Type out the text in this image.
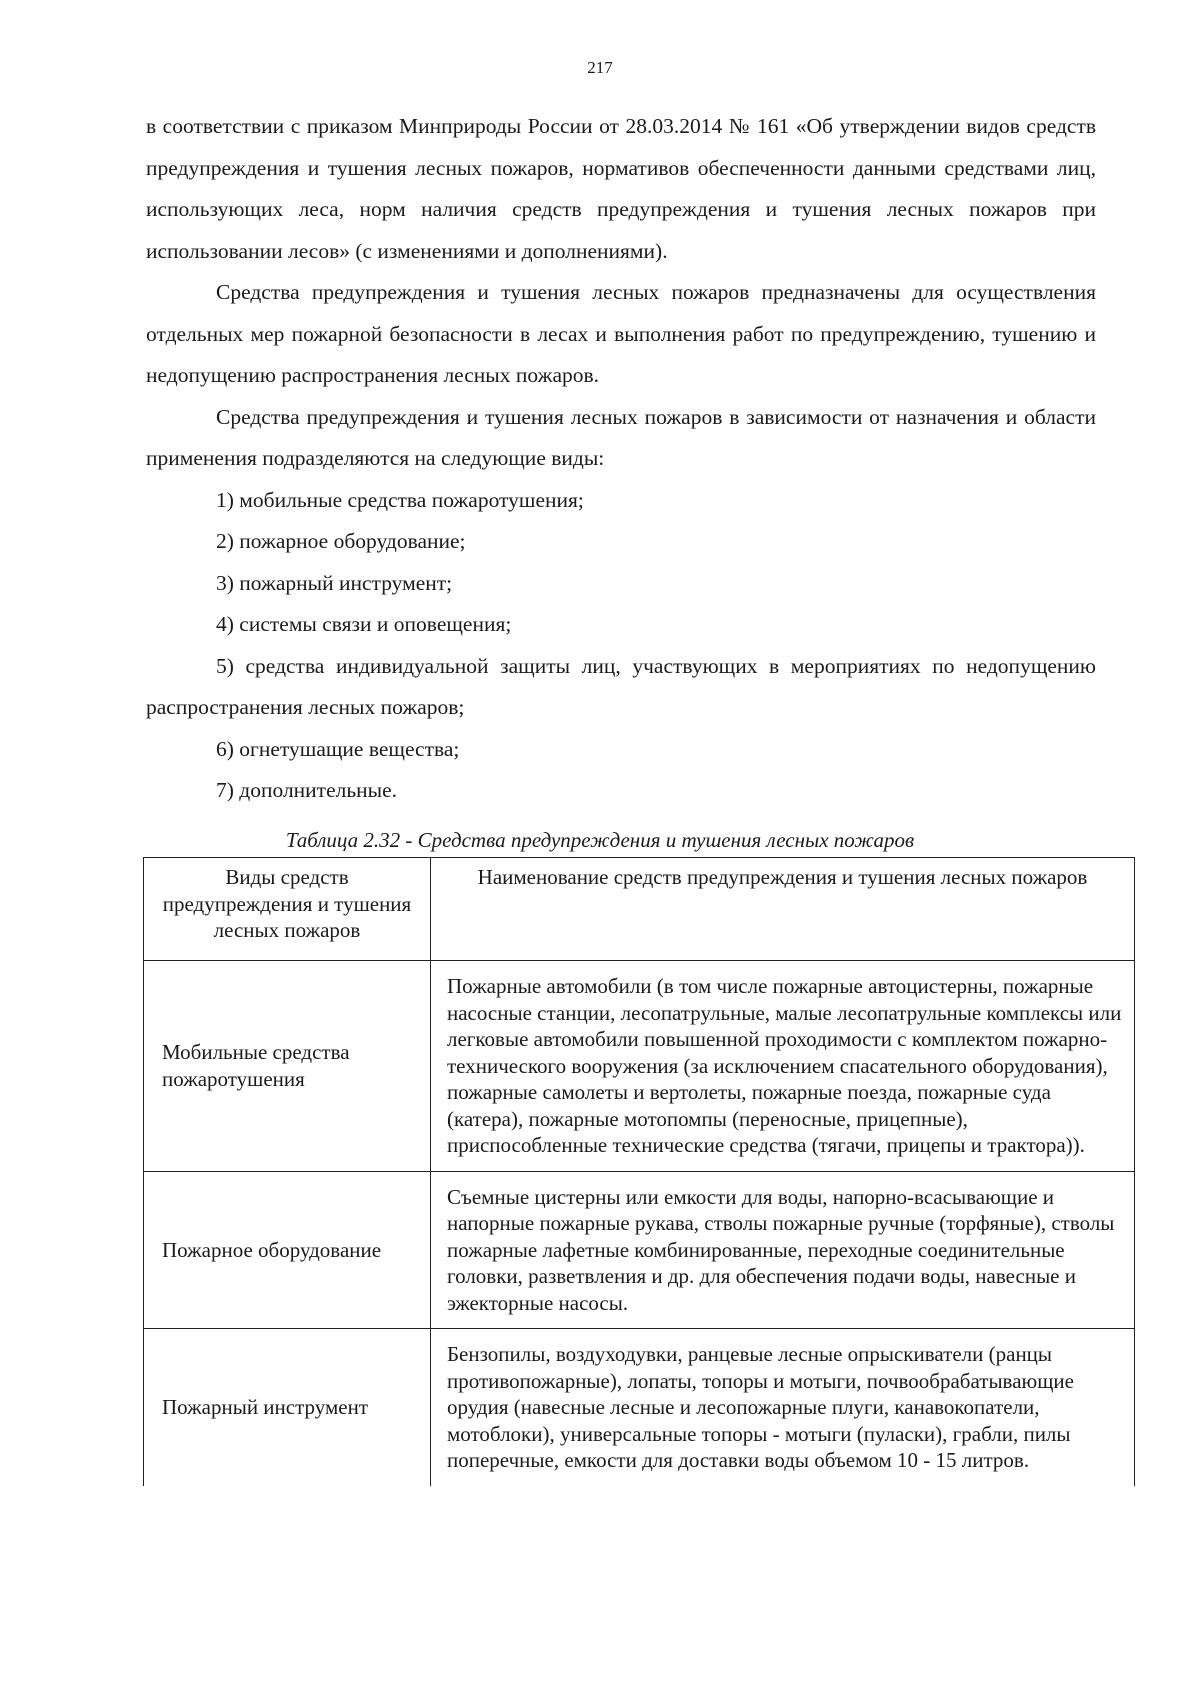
217

в соответствии с приказом Минприроды России от 28.03.2014 № 161 «Об утверждении видов средств предупреждения и тушения лесных пожаров, нормативов обеспеченности данными средствами лиц, использующих леса, норм наличия средств предупреждения и тушения лесных пожаров при использовании лесов» (с изменениями и дополнениями).

Средства предупреждения и тушения лесных пожаров предназначены для осуществления отдельных мер пожарной безопасности в лесах и выполнения работ по предупреждению, тушению и недопущению распространения лесных пожаров.

Средства предупреждения и тушения лесных пожаров в зависимости от назначения и области применения подразделяются на следующие виды:

1) мобильные средства пожаротушения;

2) пожарное оборудование;

3) пожарный инструмент;

4) системы связи и оповещения;

5) средства индивидуальной защиты лиц, участвующих в мероприятиях по недопущению распространения лесных пожаров;

6) огнетушащие вещества;

7) дополнительные.

Таблица 2.32 - Средства предупреждения и тушения лесных пожаров
Виды средств предупреждения и тушения лесных пожаров	Наименование средств предупреждения и тушения лесных пожаров
Мобильные средства пожаротушения	Пожарные автомобили (в том числе пожарные автоцистерны, пожарные насосные станции, лесопатрульные, малые лесопатрульные комплексы или легковые автомобили повышенной проходимости с комплектом пожарно-технического вооружения (за исключением спасательного оборудования), пожарные самолеты и вертолеты, пожарные поезда, пожарные суда (катера), пожарные мотопомпы (переносные, прицепные), приспособленные технические средства (тягачи, прицепы и трактора)).
Пожарное оборудование	Съемные цистерны или емкости для воды, напорно-всасывающие и напорные пожарные рукава, стволы пожарные ручные (торфяные), стволы пожарные лафетные комбинированные, переходные соединительные головки, разветвления и др. для обеспечения подачи воды, навесные и эжекторные насосы.
Пожарный инструмент	Бензопилы, воздуходувки, ранцевые лесные опрыскиватели (ранцы противопожарные), лопаты, топоры и мотыги, почвообрабатывающие орудия (навесные лесные и лесопожарные плуги, канавокопатели, мотоблоки), универсальные топоры - мотыги (пуласки), грабли, пилы поперечные, емкости для доставки воды объемом 10 - 15 литров.
